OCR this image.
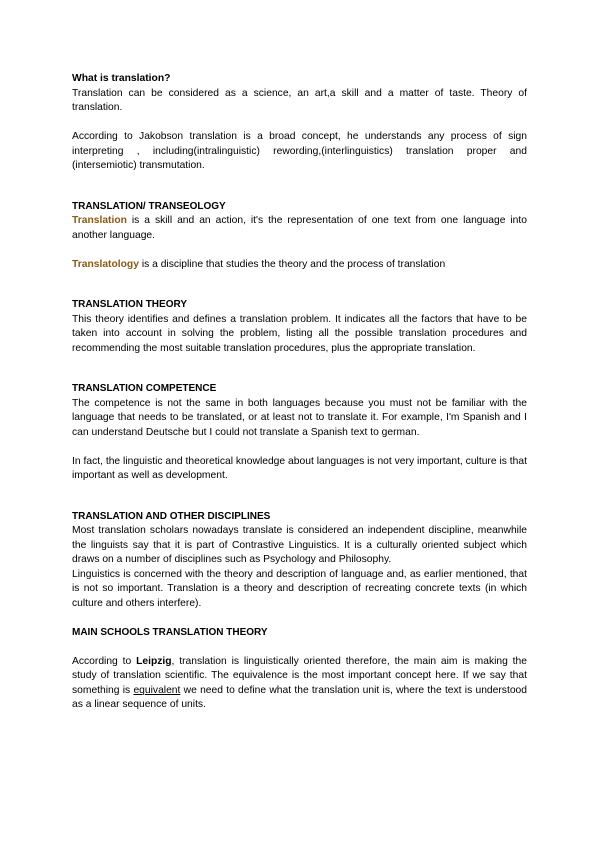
What is translation?

Translation can be considered as a science, an art,a skill and a matter of taste. Theory of translation.

According to Jakobson translation is a broad concept, he understands any process of sign interpreting , including(intralinguistic) rewording,(interlinguistics) translation proper and (intersemiotic) transmutation.

TRANSLATION/ TRANSEOLOGY

Translation is a skill and an action, it's the representation of one text from one language into another language.

Translatology is a discipline that studies the theory and the process of translation

TRANSLATION THEORY

This theory identifies and defines a translation problem. It indicates all the factors that have to be taken into account in solving the problem, listing all the possible translation procedures and recommending the most suitable translation procedures, plus the appropriate translation.

TRANSLATION COMPETENCE

The competence is not the same in both languages because you must not be familiar with the language that needs to be translated, or at least not to translate it. For example, I'm Spanish and I can understand Deutsche but I could not translate a Spanish text to german.

In fact, the linguistic and theoretical knowledge about languages is not very important, culture is that important as well as development.

TRANSLATION AND OTHER DISCIPLINES

Most translation scholars nowadays translate is considered an independent discipline, meanwhile the linguists say that it is part of Contrastive Linguistics. It is a culturally oriented subject which draws on a number of disciplines such as Psychology and Philosophy.

Linguistics is concerned with the theory and description of language and, as earlier mentioned, that is not so important. Translation is a theory and description of recreating concrete texts (in which culture and others interfere).

MAIN SCHOOLS TRANSLATION THEORY

According to Leipzig, translation is linguistically oriented therefore, the main aim is making the study of translation scientific. The equivalence is the most important concept here. If we say that something is equivalent we need to define what the translation unit is, where the text is understood as a linear sequence of units.
